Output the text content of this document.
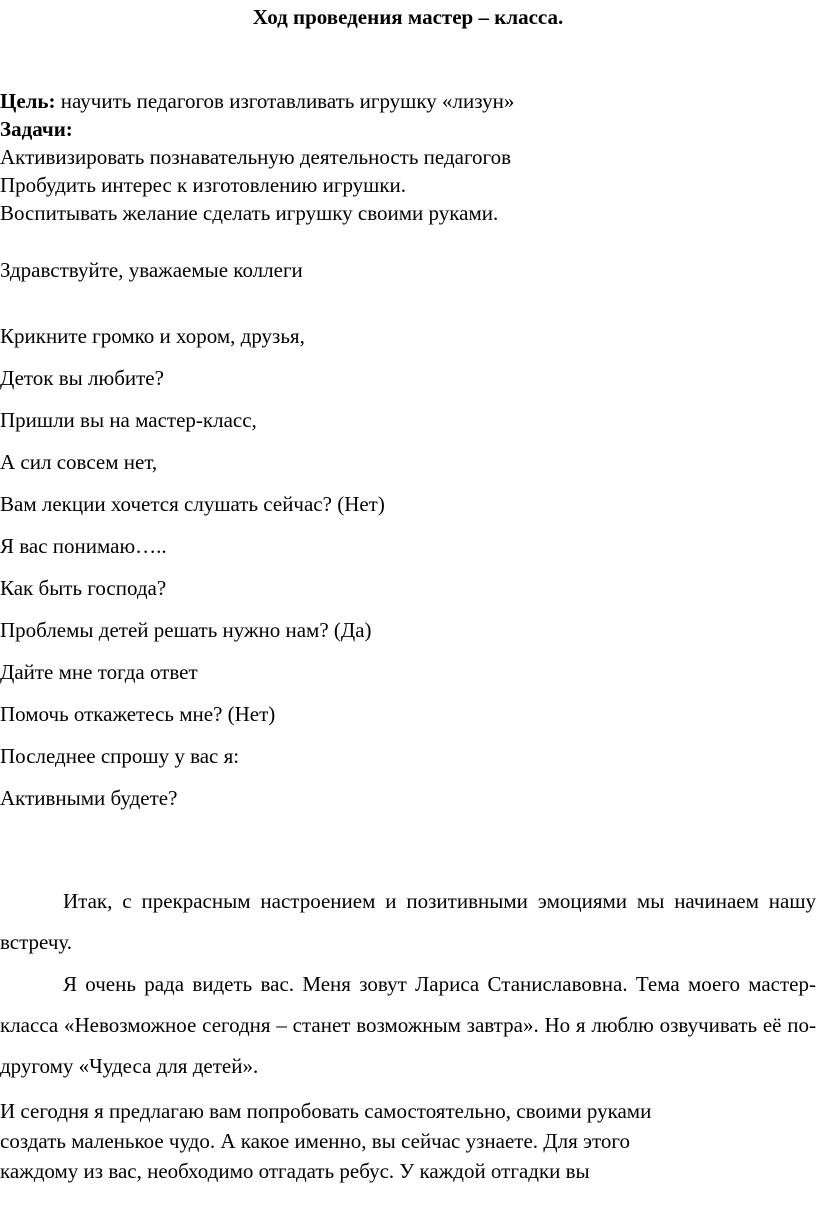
Ход проведения мастер – класса.

Цель: научить педагогов изготавливать игрушку «лизун»

Задачи:

Активизировать познавательную деятельность педагогов

Пробудить интерес к изготовлению игрушки.

Воспитывать желание сделать игрушку своими руками.

Здравствуйте, уважаемые коллеги

Крикните громко и хором, друзья,

Деток вы любите?

Пришли вы на мастер-класс,

А сил совсем нет,

Вам лекции хочется слушать сейчас? (Нет)

Я вас понимаю…..

Как быть господа?

Проблемы детей решать нужно нам? (Да)

Дайте мне тогда ответ

Помочь откажетесь мне? (Нет)

Последнее спрошу у вас я:

Активными будете?

Итак, с прекрасным настроением и позитивными эмоциями мы начинаем нашу встречу.

Я очень рада видеть вас. Меня зовут Лариса Станиславовна. Тема моего мастер-класса «Невозможное сегодня – станет возможным завтра». Но я люблю озвучивать её по-другому «Чудеса для детей».

И сегодня я предлагаю вам попробовать самостоятельно, своими руками
создать маленькое чудо. А какое именно, вы сейчас узнаете. Для этого
каждому из вас, необходимо отгадать ребус. У каждой отгадки вы
